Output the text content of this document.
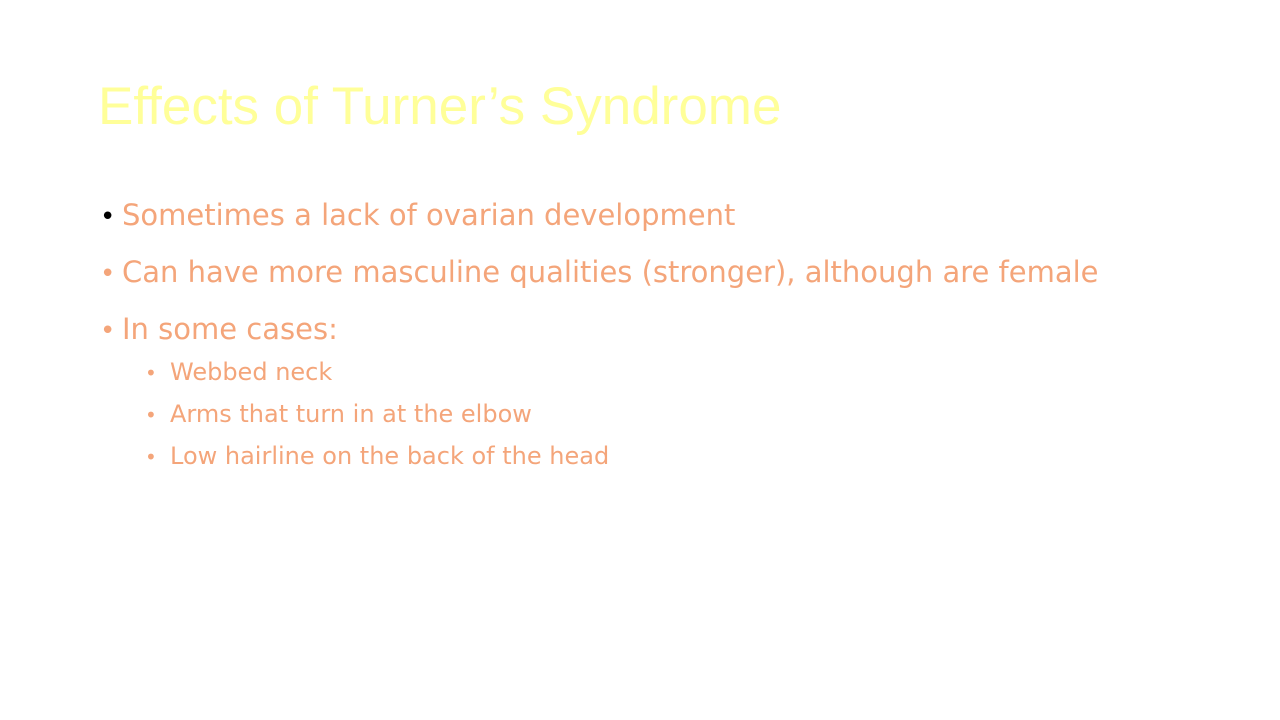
Effects of Turner’s Syndrome
• Sometimes a lack of ovarian development
• Can have more masculine qualities (stronger), although are female
• In some cases:
• Webbed neck
• Arms that turn in at the elbow
• Low hairline on the back of the head
